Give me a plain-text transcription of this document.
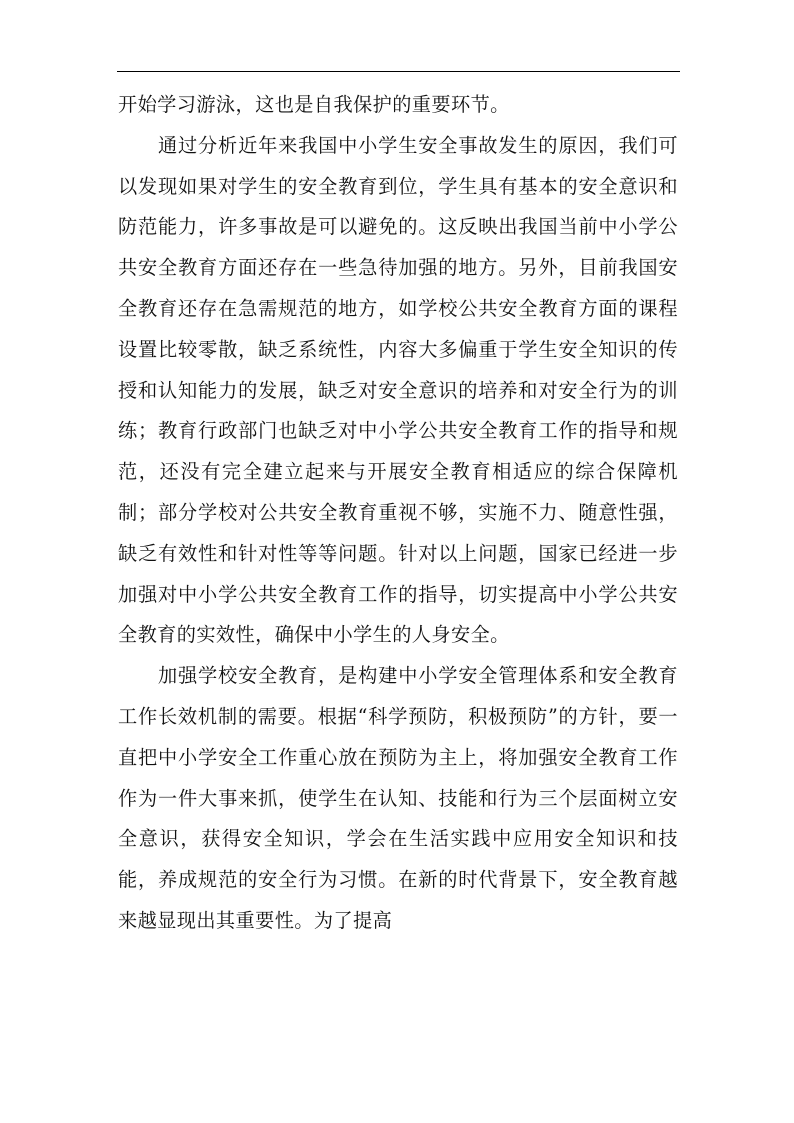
开始学习游泳，这也是自我保护的重要环节。

通过分析近年来我国中小学生安全事故发生的原因，我们可以发现如果对学生的安全教育到位，学生具有基本的安全意识和防范能力，许多事故是可以避免的。这反映出我国当前中小学公共安全教育方面还存在一些急待加强的地方。另外，目前我国安全教育还存在急需规范的地方，如学校公共安全教育方面的课程设置比较零散，缺乏系统性，内容大多偏重于学生安全知识的传授和认知能力的发展，缺乏对安全意识的培养和对安全行为的训练；教育行政部门也缺乏对中小学公共安全教育工作的指导和规范，还没有完全建立起来与开展安全教育相适应的综合保障机制；部分学校对公共安全教育重视不够，实施不力、随意性强，缺乏有效性和针对性等等问题。针对以上问题，国家已经进一步加强对中小学公共安全教育工作的指导，切实提高中小学公共安全教育的实效性，确保中小学生的人身安全。

加强学校安全教育，是构建中小学安全管理体系和安全教育工作长效机制的需要。根据“科学预防，积极预防”的方针，要一直把中小学安全工作重心放在预防为主上，将加强安全教育工作作为一件大事来抓，使学生在认知、技能和行为三个层面树立安全意识，获得安全知识，学会在生活实践中应用安全知识和技能，养成规范的安全行为习惯。在新的时代背景下，安全教育越来越显现出其重要性。为了提高
